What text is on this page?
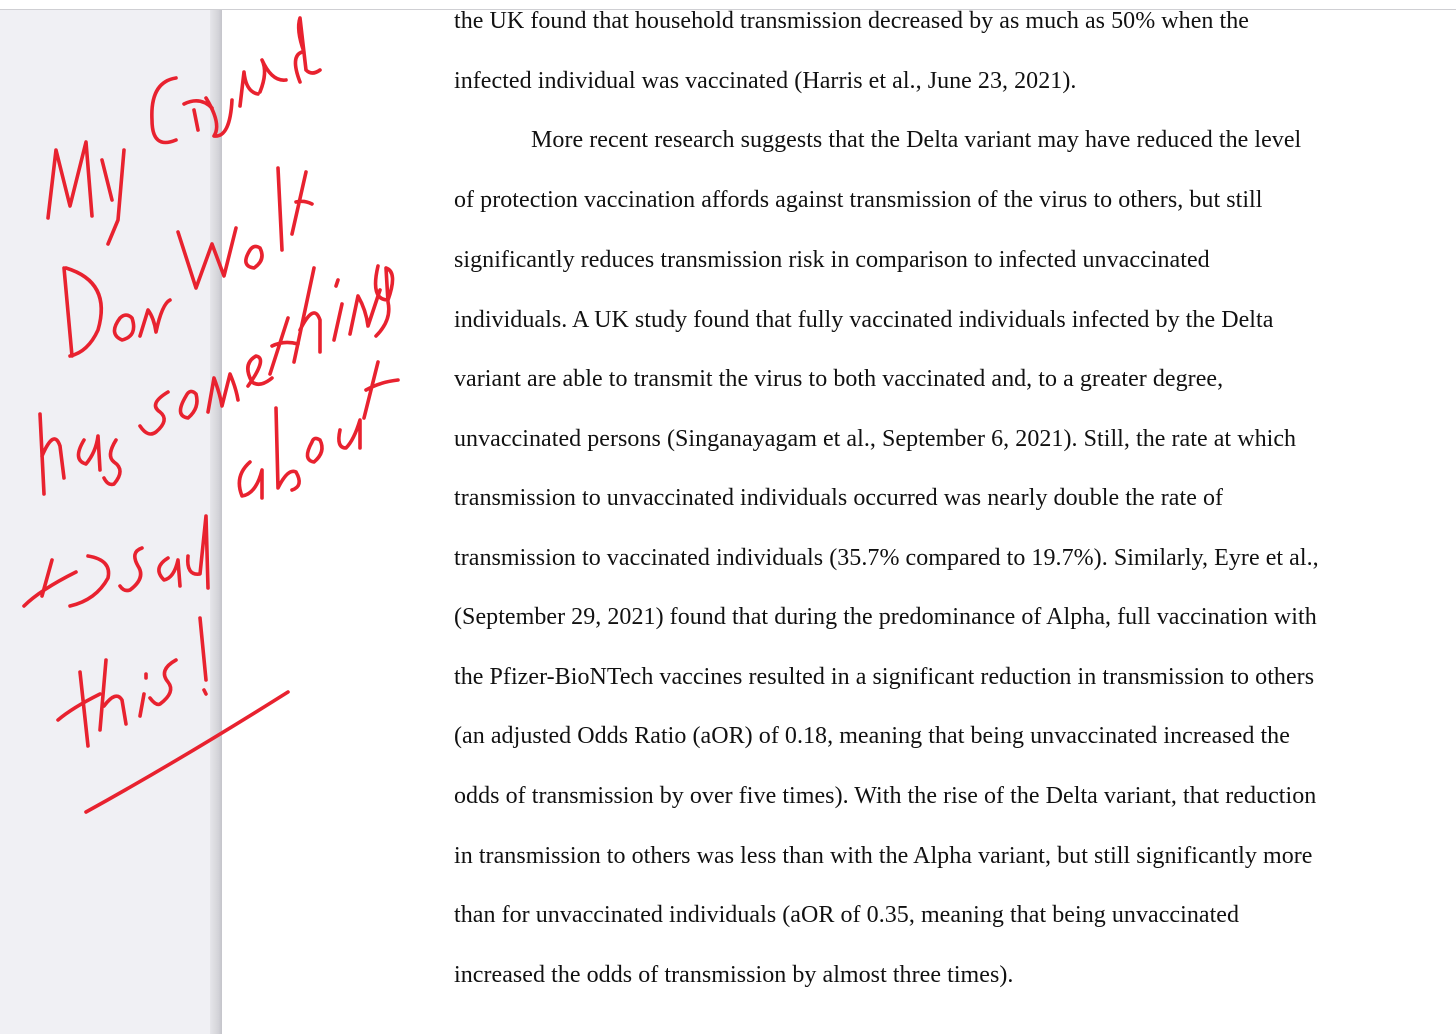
the UK found that household transmission decreased by as much as 50% when the
infected individual was vaccinated (Harris et al., June 23, 2021).
More recent research suggests that the Delta variant may have reduced the level
of protection vaccination affords against transmission of the virus to others, but still
significantly reduces transmission risk in comparison to infected unvaccinated
individuals. A UK study found that fully vaccinated individuals infected by the Delta
variant are able to transmit the virus to both vaccinated and, to a greater degree,
unvaccinated persons (Singanayagam et al., September 6, 2021). Still, the rate at which
transmission to unvaccinated individuals occurred was nearly double the rate of
transmission to vaccinated individuals (35.7% compared to 19.7%). Similarly, Eyre et al.,
(September 29, 2021) found that during the predominance of Alpha, full vaccination with
the Pfizer-BioNTech vaccines resulted in a significant reduction in transmission to others
(an adjusted Odds Ratio (aOR) of 0.18, meaning that being unvaccinated increased the
odds of transmission by over five times). With the rise of the Delta variant, that reduction
in transmission to others was less than with the Alpha variant, but still significantly more
than for unvaccinated individuals (aOR of 0.35, meaning that being unvaccinated
increased the odds of transmission by almost three times).
